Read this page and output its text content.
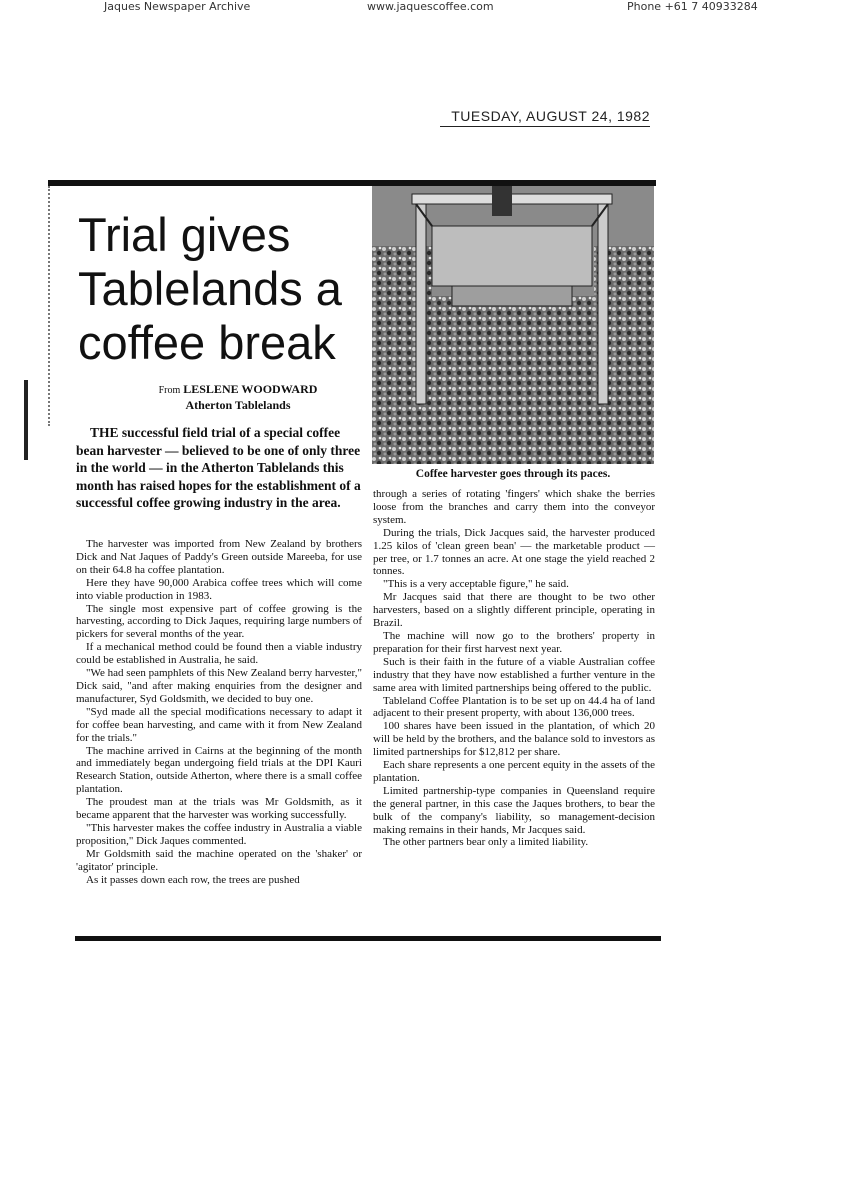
Jaques Newspaper Archive	www.jaquescoffee.com	Phone +61 7 40933284
TUESDAY, AUGUST 24, 1982
Trial gives Tablelands a coffee break
From LESLENE WOODWARD
Atherton Tablelands

THE successful field trial of a special coffee bean harvester — believed to be one of only three in the world — in the Atherton Tablelands this month has raised hopes for the establishment of a successful coffee growing industry in the area.

Coffee harvester goes through its paces.

The harvester was imported from New Zealand by brothers Dick and Nat Jaques of Paddy's Green outside Mareeba, for use on their 64.8 ha coffee plantation.

Here they have 90,000 Arabica coffee trees which will come into viable production in 1983.

The single most expensive part of coffee growing is the harvesting, according to Dick Jaques, requiring large numbers of pickers for several months of the year.

If a mechanical method could be found then a viable industry could be established in Australia, he said.

"We had seen pamphlets of this New Zealand berry harvester," Dick said, "and after making enquiries from the designer and manufacturer, Syd Goldsmith, we decided to buy one.

"Syd made all the special modifications necessary to adapt it for coffee bean harvesting, and came with it from New Zealand for the trials."

The machine arrived in Cairns at the beginning of the month and immediately began undergoing field trials at the DPI Kauri Research Station, outside Atherton, where there is a small coffee plantation.

The proudest man at the trials was Mr Goldsmith, as it became apparent that the harvester was working successfully.

"This harvester makes the coffee industry in Australia a viable proposition," Dick Jaques commented.

Mr Goldsmith said the machine operated on the 'shaker' or 'agitator' principle.

As it passes down each row, the trees are pushed

through a series of rotating 'fingers' which shake the berries loose from the branches and carry them into the conveyor system.

During the trials, Dick Jacques said, the harvester produced 1.25 kilos of 'clean green bean' — the marketable product — per tree, or 1.7 tonnes an acre. At one stage the yield reached 2 tonnes.

"This is a very acceptable figure," he said.

Mr Jacques said that there are thought to be two other harvesters, based on a slightly different principle, operating in Brazil.

The machine will now go to the brothers' property in preparation for their first harvest next year.

Such is their faith in the future of a viable Australian coffee industry that they have now established a further venture in the same area with limited partnerships being offered to the public.

Tableland Coffee Plantation is to be set up on 44.4 ha of land adjacent to their present property, with about 136,000 trees.

100 shares have been issued in the plantation, of which 20 will be held by the brothers, and the balance sold to investors as limited partnerships for $12,812 per share.

Each share represents a one percent equity in the assets of the plantation.

Limited partnership-type companies in Queensland require the general partner, in this case the Jaques brothers, to bear the bulk of the company's liability, so management-decision making remains in their hands, Mr Jacques said.

The other partners bear only a limited liability.
